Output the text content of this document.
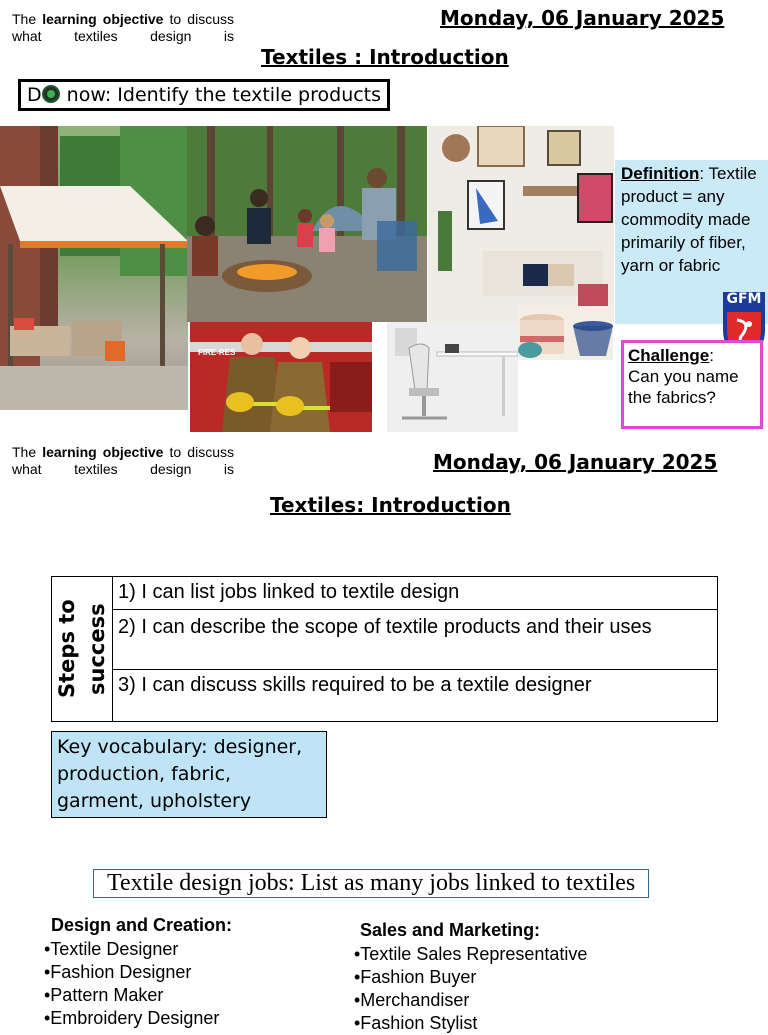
The learning objective to discuss what textiles design is
Monday, 06 January 2025
Textiles : Introduction
D now: Identify the textile products
FIRE-RES
Definition: Textile product = any commodity made primarily of fiber, yarn or fabric
GFM
Challenge:
Can you name the fabrics?
The learning objective to discuss what textiles design is	Monday, 06 January 2025
Textiles: Introduction
Steps to
success
	1) I can list jobs linked to textile design
2) I can describe the scope of textile products and their uses
3) I can discuss skills required to be a textile designer
Key vocabulary: designer, production, fabric, garment, upholstery
Textile design jobs: List as many jobs linked to textiles
Design and Creation:
•Textile Designer
•Fashion Designer
•Pattern Maker
•Embroidery Designer
Sales and Marketing:
•Textile Sales Representative
•Fashion Buyer
•Merchandiser
•Fashion Stylist
